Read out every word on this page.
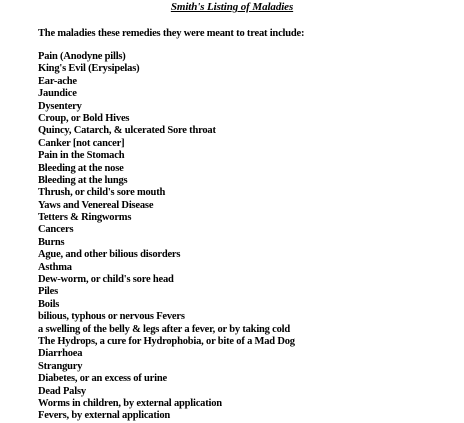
Smith's Listing of Maladies
The maladies these remedies they were meant to treat include:
Pain (Anodyne pills)
King's Evil (Erysipelas)
Ear-ache
Jaundice
Dysentery
Croup, or Bold Hives
Quincy, Catarch, & ulcerated Sore throat
Canker [not cancer]
Pain in the Stomach
Bleeding at the nose
Bleeding at the lungs
Thrush, or child's sore mouth
Yaws and Venereal Disease
Tetters & Ringworms
Cancers
Burns
Ague, and other bilious disorders
Asthma
Dew-worm, or child's sore head
Piles
Boils
bilious, typhous or nervous Fevers
a swelling of the belly & legs after a fever, or by taking cold
The Hydrops, a cure for Hydrophobia, or bite of a Mad Dog
Diarrhoea
Strangury
Diabetes, or an excess of urine
Dead Palsy
Worms in children, by external application
Fevers, by external application
